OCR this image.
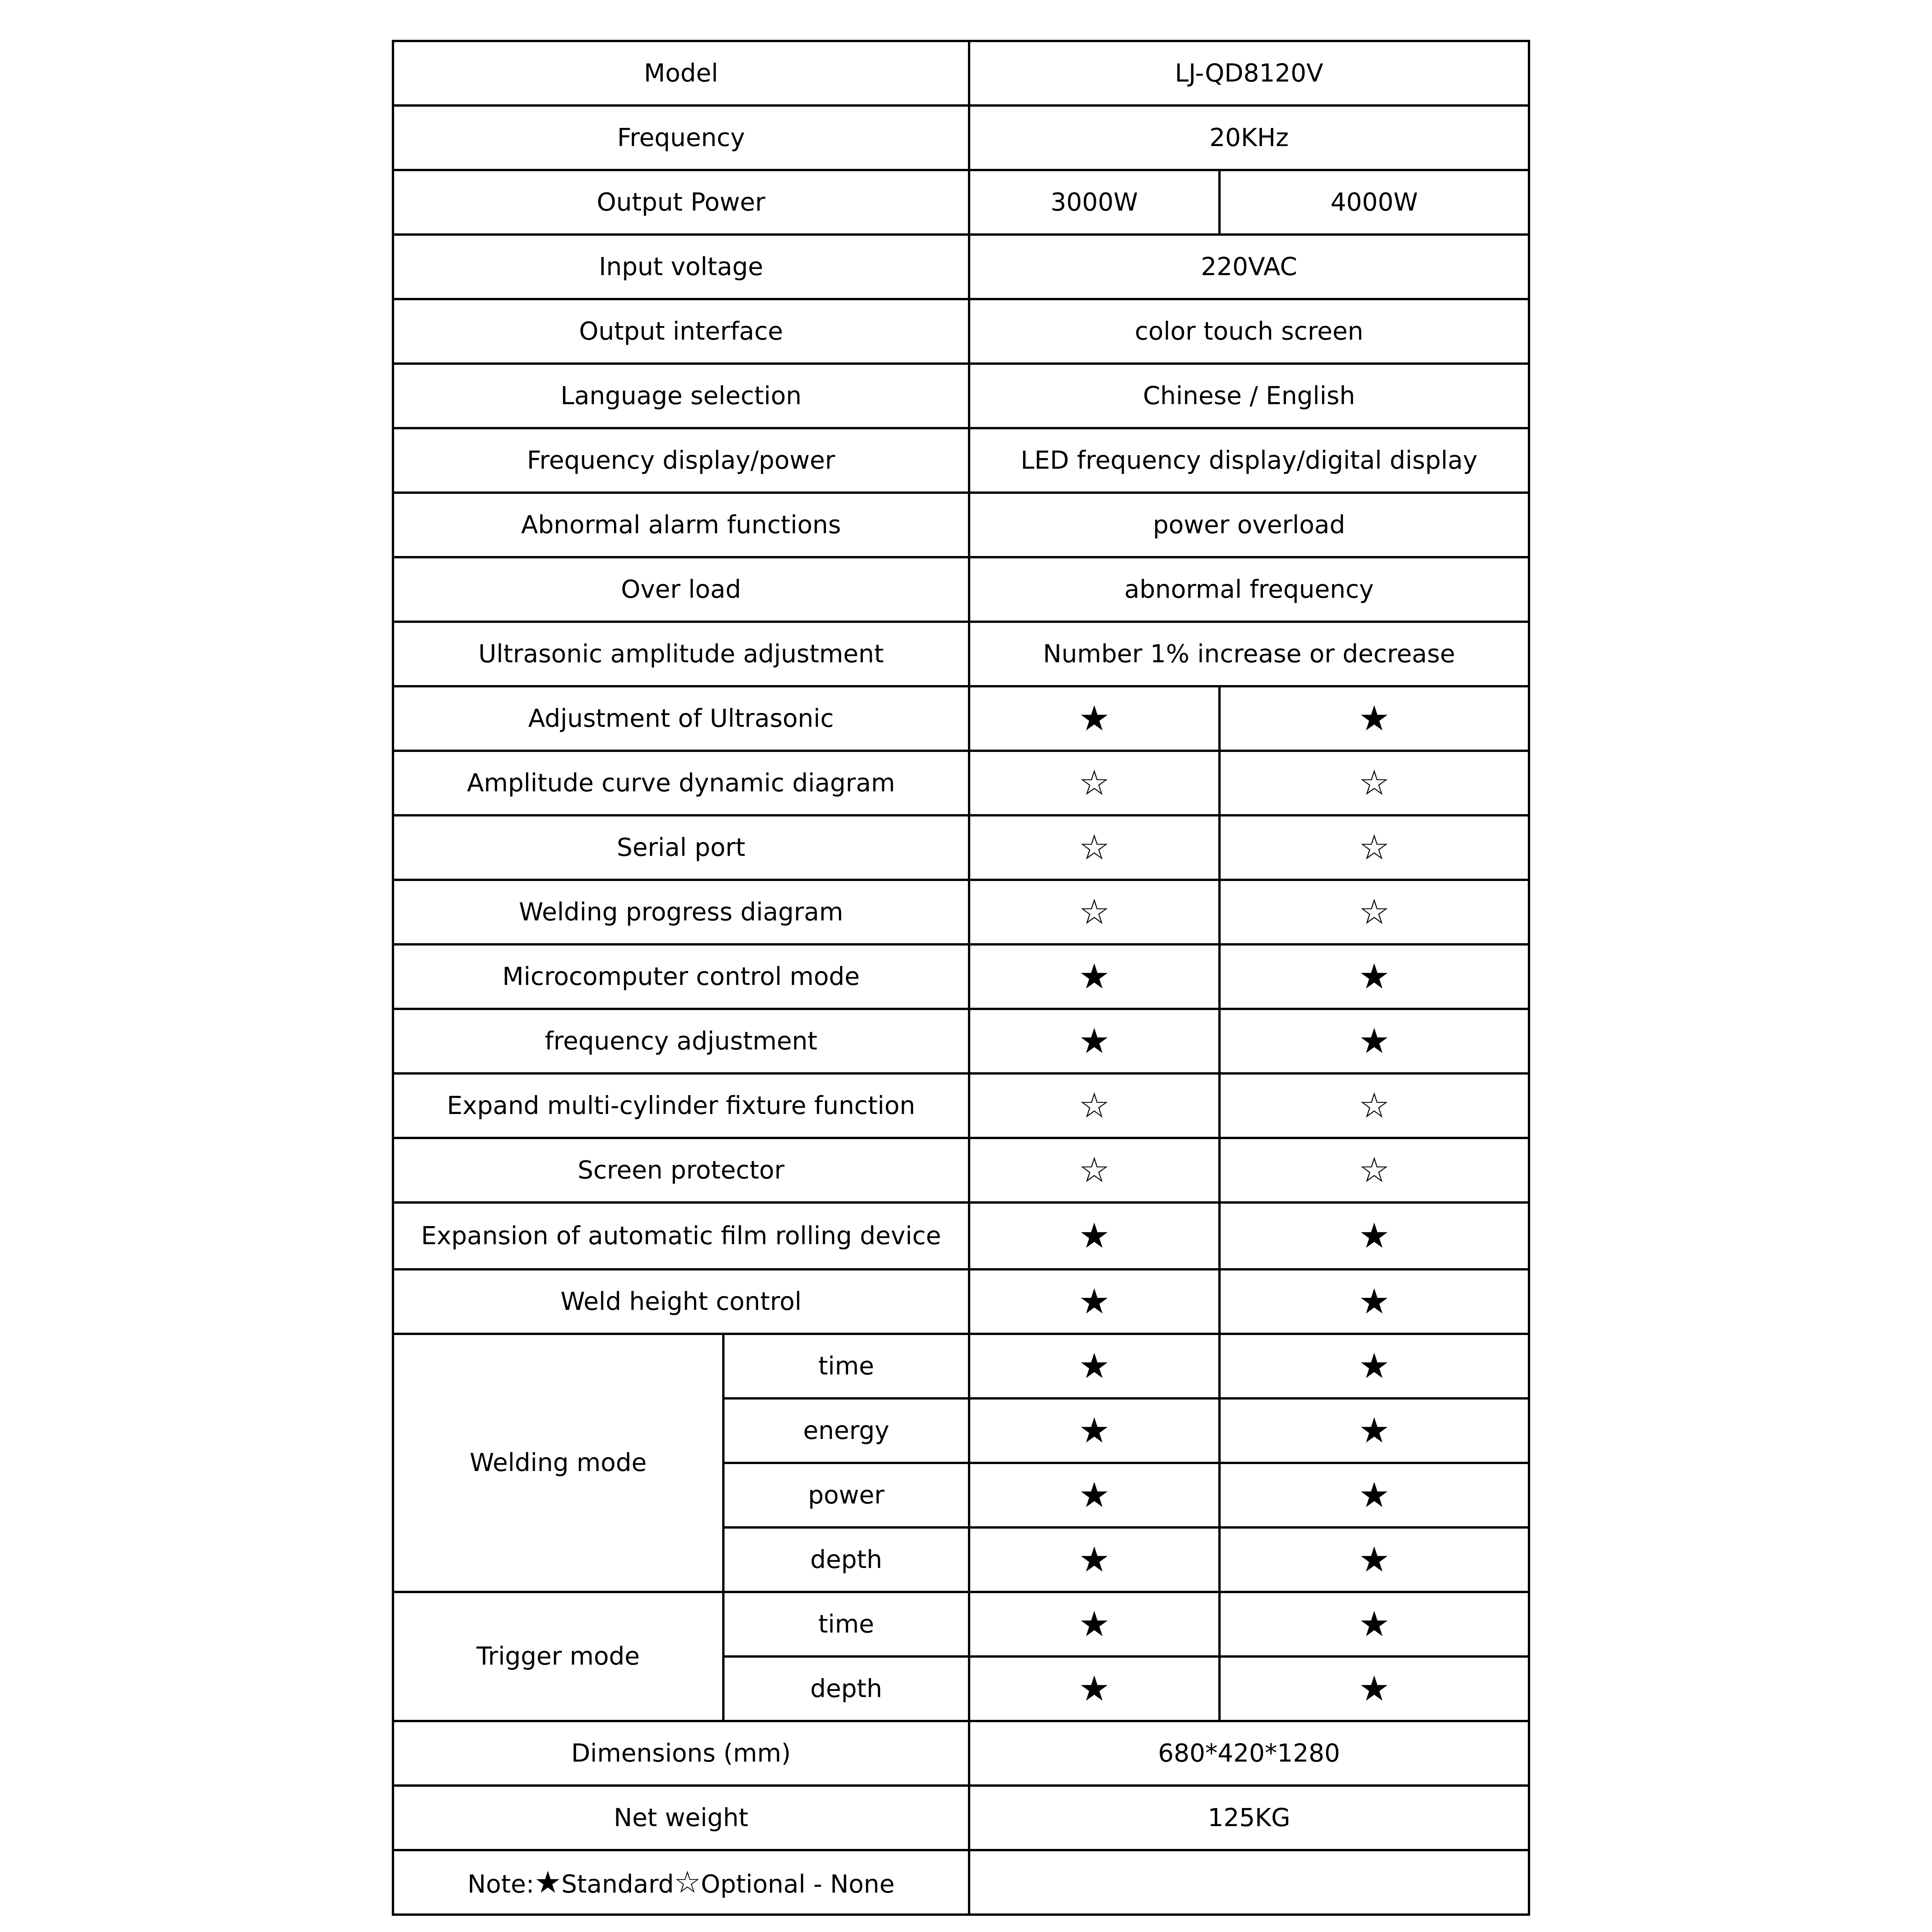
Model		LJ-QD8120V	
Frequency		20KHz	
Output Power		3000W	4000W
Input voltage		220VAC	
Output interface		color touch screen	
Language selection		Chinese / English	
Frequency display/power		LED frequency display/digital display	
Abnormal alarm functions		power overload	
Over load		abnormal frequency	
Ultrasonic amplitude adjustment		Number 1% increase or decrease	
Adjustment of Ultrasonic		★	★
Amplitude curve dynamic diagram		☆	☆
Serial port		☆	☆
Welding progress diagram		☆	☆
Microcomputer control mode		★	★
frequency adjustment		★	★
Expand multi-cylinder fixture function		☆	☆
Screen protector		☆	☆
Expansion of automatic film rolling device		★	★
Weld height control		★	★
Welding mode	time	★	★
	energy	★	★
	power	★	★
	depth	★	★
Trigger mode	time	★	★
	depth	★	★
Dimensions (mm)		680*420*1280	
Net weight		125KG	
Note:★Standard☆Optional - None			
